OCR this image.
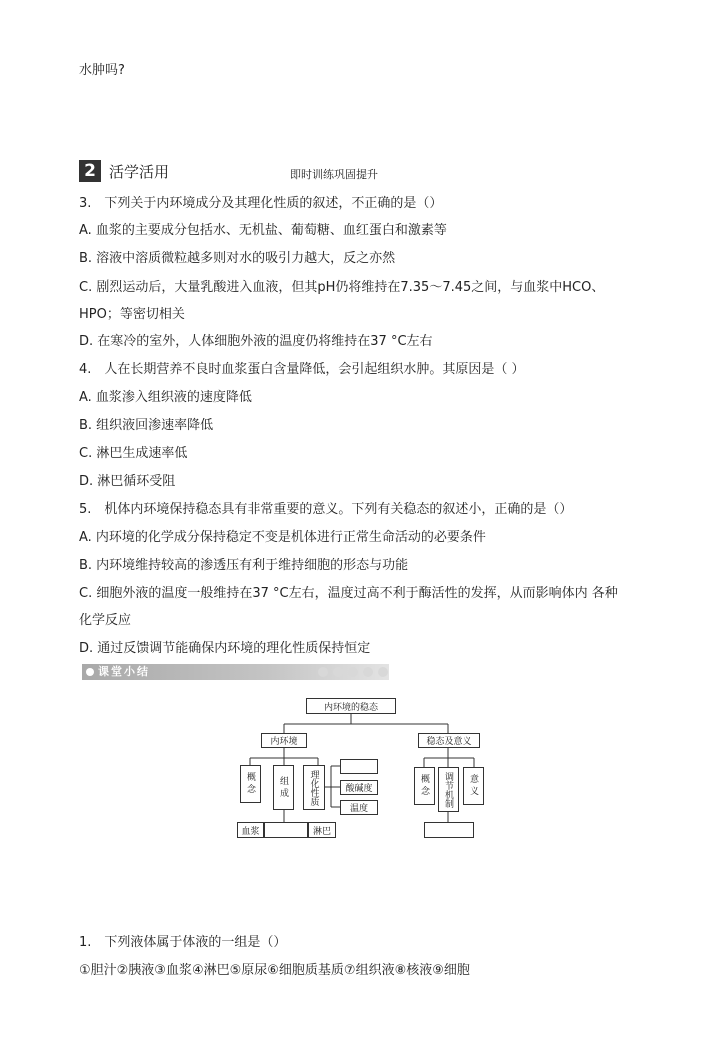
水肿吗?
2 活学活用	即时训练巩固提升
3.　下列关于内环境成分及其理化性质的叙述，不正确的是（）
A. 血浆的主要成分包括水、无机盐、葡萄糖、血红蛋白和激素等
B. 溶液中溶质微粒越多则对水的吸引力越大，反之亦然
C. 剧烈运动后，大量乳酸进入血液，但其pH仍将维持在7.35～7.45之间，与血浆中HCO、
HPO；等密切相关
D. 在寒冷的室外，人体细胞外液的温度仍将维持在37 °C左右
4.　人在长期营养不良时血浆蛋白含量降低，会引起组织水肿。其原因是（ ）
A. 血浆渗入组织液的速度降低
B. 组织液回渗速率降低
C. 淋巴生成速率低
D. 淋巴循环受阻
5.　机体内环境保持稳态具有非常重要的意义。下列有关稳态的叙述小，正确的是（）
A. 内环境的化学成分保持稳定不变是机体进行正常生命活动的必要条件
B. 内环境维持较高的渗透压有利于维持细胞的形态与功能
C. 细胞外液的温度一般维持在37 °C左右，温度过高不利于酶活性的发挥，从而影响体内 各种
化学反应
D. 通过反馈调节能确保内环境的理化性质保持恒定
课堂小结
内环境的稳态
内环境	稳态及意义
概念	组成	理化性质	酸碱度
温度
血浆	淋巴
概念	调节机制	意义
1.　下列液体属于体液的一组是（）
①胆汁②胰液③血浆④淋巴⑤原尿⑥细胞质基质⑦组织液⑧核液⑨细胞
